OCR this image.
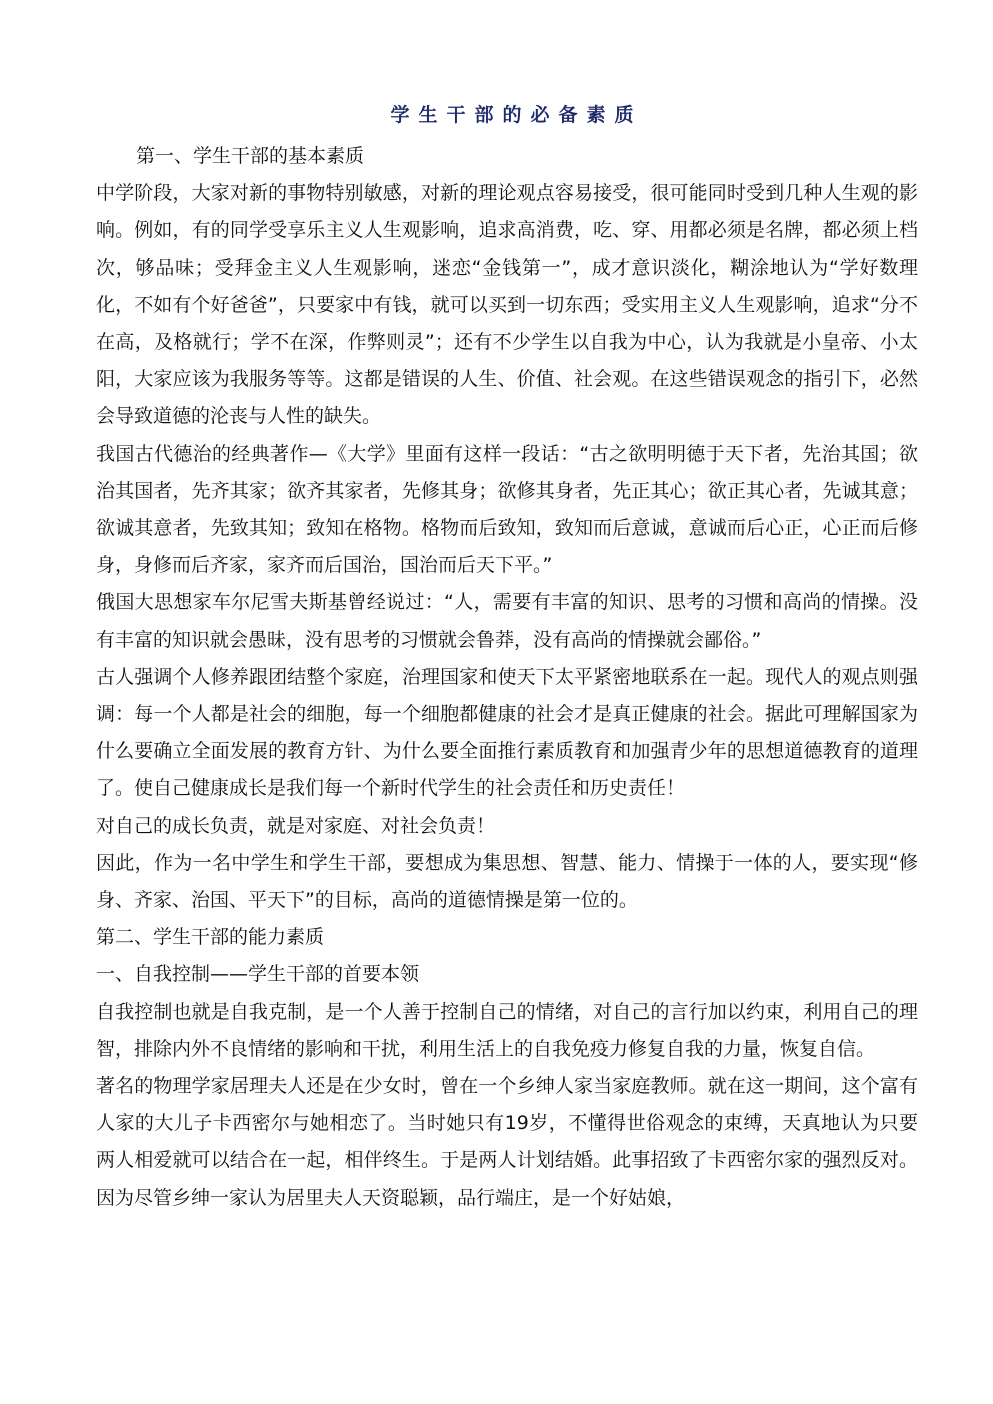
学生干部的必备素质

第一、学生干部的基本素质

中学阶段，大家对新的事物特别敏感，对新的理论观点容易接受，很可能同时受到几种人生观的影响。例如，有的同学受享乐主义人生观影响，追求高消费，吃、穿、用都必须是名牌，都必须上档次，够品味；受拜金主义人生观影响，迷恋“金钱第一”，成才意识淡化，糊涂地认为“学好数理化，不如有个好爸爸”，只要家中有钱，就可以买到一切东西；受实用主义人生观影响，追求“分不在高，及格就行；学不在深，作弊则灵”；还有不少学生以自我为中心，认为我就是小皇帝、小太阳，大家应该为我服务等等。这都是错误的人生、价值、社会观。在这些错误观念的指引下，必然会导致道德的沦丧与人性的缺失。

我国古代德治的经典著作—《大学》里面有这样一段话：“古之欲明明德于天下者，先治其国；欲治其国者，先齐其家；欲齐其家者，先修其身；欲修其身者，先正其心；欲正其心者，先诚其意；欲诚其意者，先致其知；致知在格物。格物而后致知，致知而后意诚，意诚而后心正，心正而后修身，身修而后齐家，家齐而后国治，国治而后天下平。”

俄国大思想家车尔尼雪夫斯基曾经说过：“人，需要有丰富的知识、思考的习惯和高尚的情操。没有丰富的知识就会愚昧，没有思考的习惯就会鲁莽，没有高尚的情操就会鄙俗。”

古人强调个人修养跟团结整个家庭，治理国家和使天下太平紧密地联系在一起。现代人的观点则强调：每一个人都是社会的细胞，每一个细胞都健康的社会才是真正健康的社会。据此可理解国家为什么要确立全面发展的教育方针、为什么要全面推行素质教育和加强青少年的思想道德教育的道理了。使自己健康成长是我们每一个新时代学生的社会责任和历史责任！

对自己的成长负责，就是对家庭、对社会负责！

因此，作为一名中学生和学生干部，要想成为集思想、智慧、能力、情操于一体的人，要实现“修身、齐家、治国、平天下”的目标，高尚的道德情操是第一位的。

第二、学生干部的能力素质

一、自我控制——学生干部的首要本领

自我控制也就是自我克制，是一个人善于控制自己的情绪，对自己的言行加以约束，利用自己的理智，排除内外不良情绪的影响和干扰，利用生活上的自我免疫力修复自我的力量，恢复自信。

著名的物理学家居理夫人还是在少女时，曾在一个乡绅人家当家庭教师。就在这一期间，这个富有人家的大儿子卡西密尔与她相恋了。当时她只有19岁，不懂得世俗观念的束缚，天真地认为只要两人相爱就可以结合在一起，相伴终生。于是两人计划结婚。此事招致了卡西密尔家的强烈反对。因为尽管乡绅一家认为居里夫人天资聪颖，品行端庄，是一个好姑娘，
